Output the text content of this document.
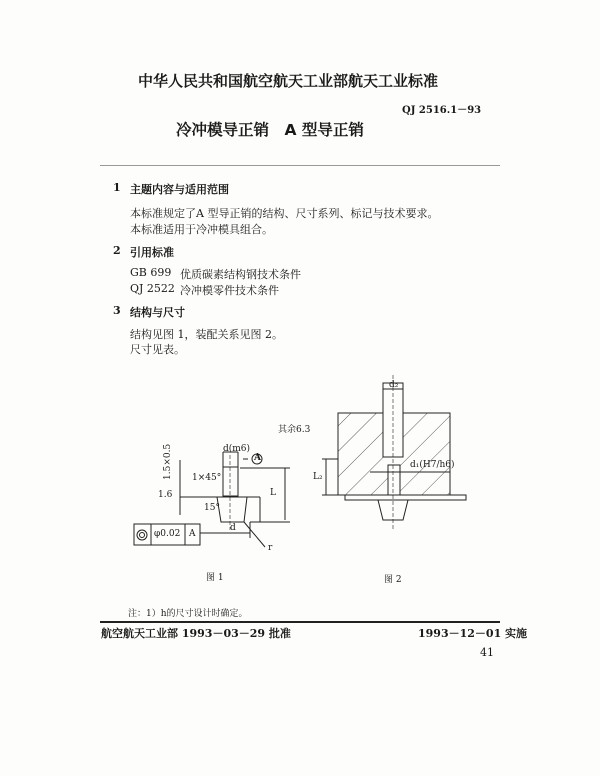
中华人民共和国航空航天工业部航天工业标准
QJ 2516.1－93
冷冲模导正销　A 型导正销
1 主题内容与适用范围
本标准规定了A 型导正销的结构、尺寸系列、标记与技术要求。
本标准适用于冷冲模具组合。
2 引用标准
GB 699 优质碳素结构钢技术条件
QJ 2522 冷冲模零件技术条件
3 结构与尺寸
结构见图 1，装配关系见图 2。
尺寸见表。
d(m6)
A
其余6.3
1×45°
1.5×0.5
1.6
15°
d
L
φ0.02 A
r
图 1
d₂
d₁(H7/h6)
L₂
图 2
注：1）h的尺寸设计时确定。
航空航天工业部 1993－03－29 批准	1993－12－01 实施
41
